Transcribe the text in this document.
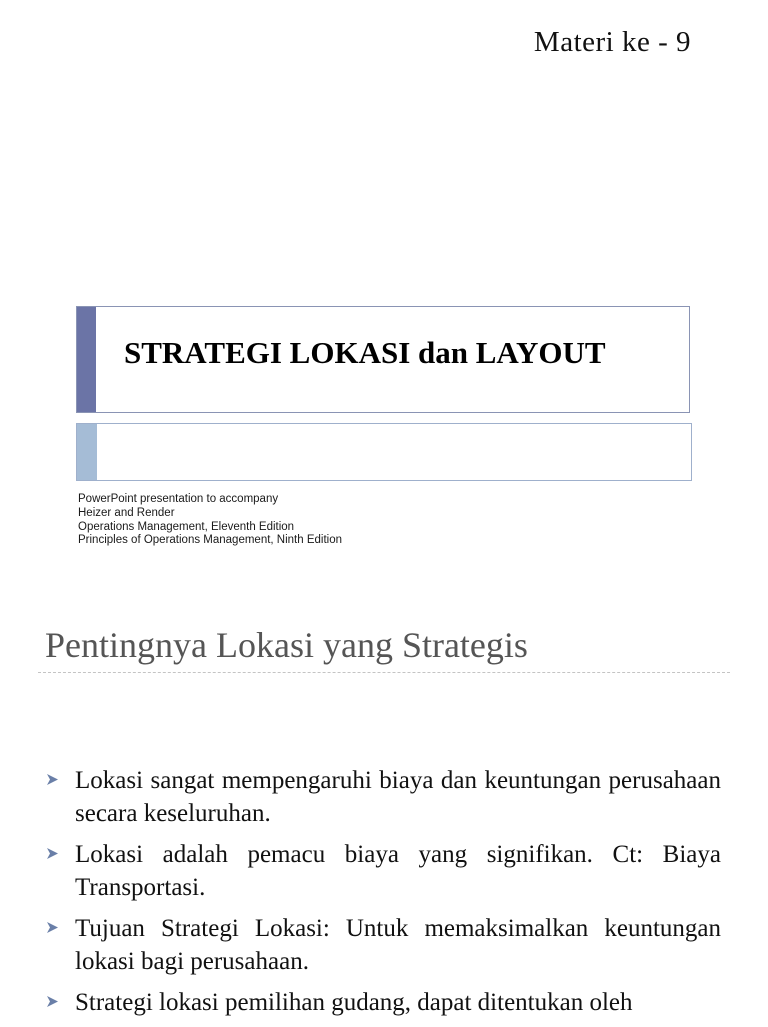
Materi ke - 9
STRATEGI LOKASI dan LAYOUT
PowerPoint presentation to accompany
Heizer and Render
Operations Management, Eleventh Edition
Principles of Operations Management, Ninth Edition
Pentingnya Lokasi yang Strategis
Lokasi sangat mempengaruhi biaya dan keuntungan perusahaan secara keseluruhan.
Lokasi adalah pemacu biaya yang signifikan. Ct: Biaya Transportasi.
Tujuan Strategi Lokasi: Untuk memaksimalkan keuntungan lokasi bagi perusahaan.
Strategi lokasi pemilihan gudang, dapat ditentukan oleh
